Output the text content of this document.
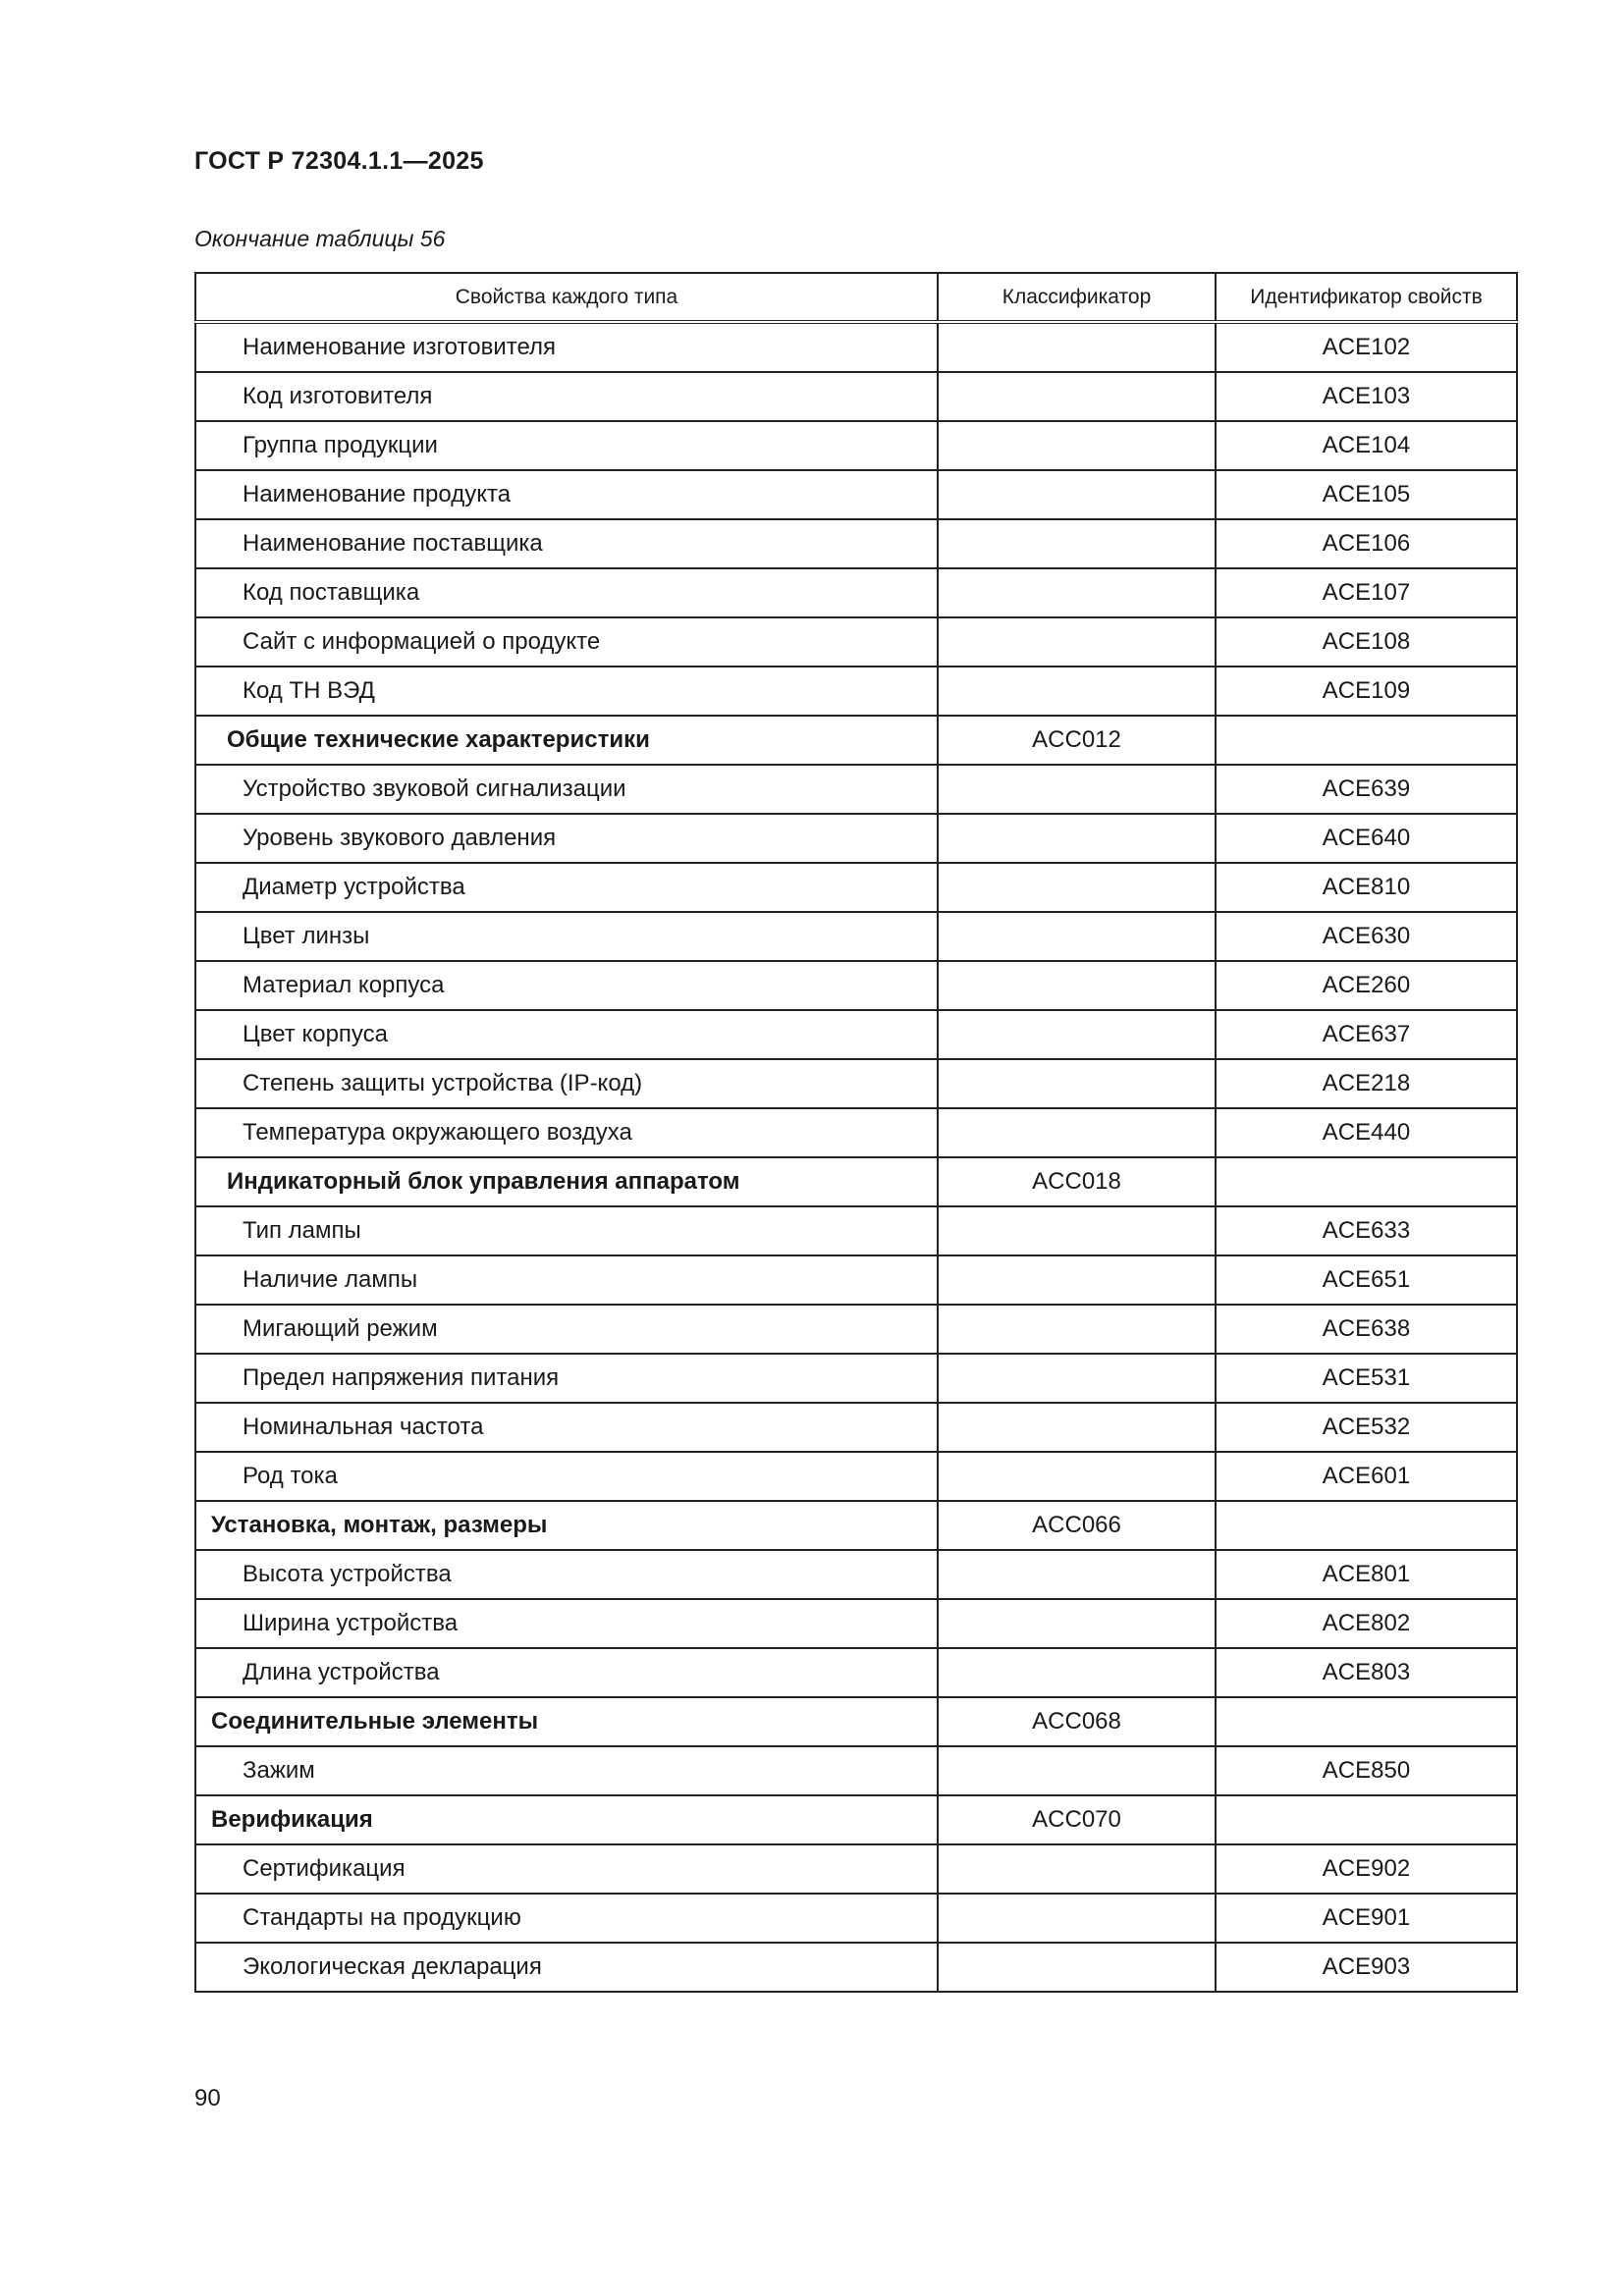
ГОСТ Р 72304.1.1—2025
Окончание таблицы 56
Свойства каждого типа	Классификатор	Идентификатор свойств
Наименование изготовителя		ACE102
Код изготовителя		ACE103
Группа продукции		ACE104
Наименование продукта		ACE105
Наименование поставщика		ACE106
Код поставщика		ACE107
Сайт с информацией о продукте		ACE108
Код ТН ВЭД		ACE109
Общие технические характеристики	ACC012	
Устройство звуковой сигнализации		ACE639
Уровень звукового давления		ACE640
Диаметр устройства		ACE810
Цвет линзы		ACE630
Материал корпуса		ACE260
Цвет корпуса		ACE637
Степень защиты устройства (IP-код)		ACE218
Температура окружающего воздуха		ACE440
Индикаторный блок управления аппаратом	ACC018	
Тип лампы		ACE633
Наличие лампы		ACE651
Мигающий режим		ACE638
Предел напряжения питания		ACE531
Номинальная частота		ACE532
Род тока		ACE601
Установка, монтаж, размеры	ACC066	
Высота устройства		ACE801
Ширина устройства		ACE802
Длина устройства		ACE803
Соединительные элементы	ACC068	
Зажим		ACE850
Верификация	ACC070	
Сертификация		ACE902
Стандарты на продукцию		ACE901
Экологическая декларация		ACE903
90
